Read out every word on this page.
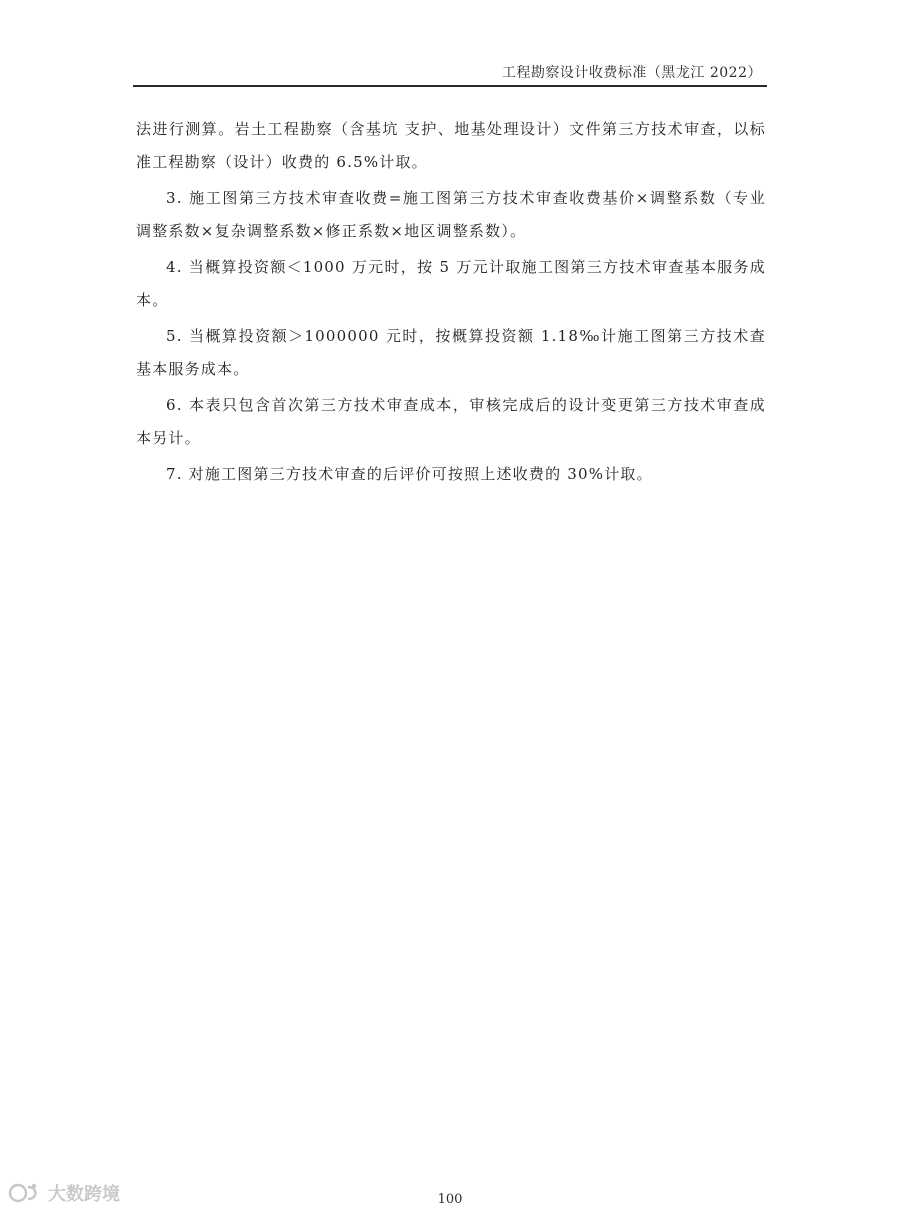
工程勘察设计收费标准（黑龙江 2022）

法进行测算。岩土工程勘察（含基坑 支护、地基处理设计）文件第三方技术审查，以标准工程勘察（设计）收费的 6.5%计取。

3. 施工图第三方技术审查收费=施工图第三方技术审查收费基价×调整系数（专业调整系数×复杂调整系数×修正系数×地区调整系数）。

4. 当概算投资额＜1000 万元时，按 5 万元计取施工图第三方技术审查基本服务成本。

5. 当概算投资额＞1000000 元时，按概算投资额 1.18‰计施工图第三方技术查基本服务成本。

6. 本表只包含首次第三方技术审查成本，审核完成后的设计变更第三方技术审查成本另计。

7. 对施工图第三方技术审查的后评价可按照上述收费的 30%计取。

100
大数跨境
